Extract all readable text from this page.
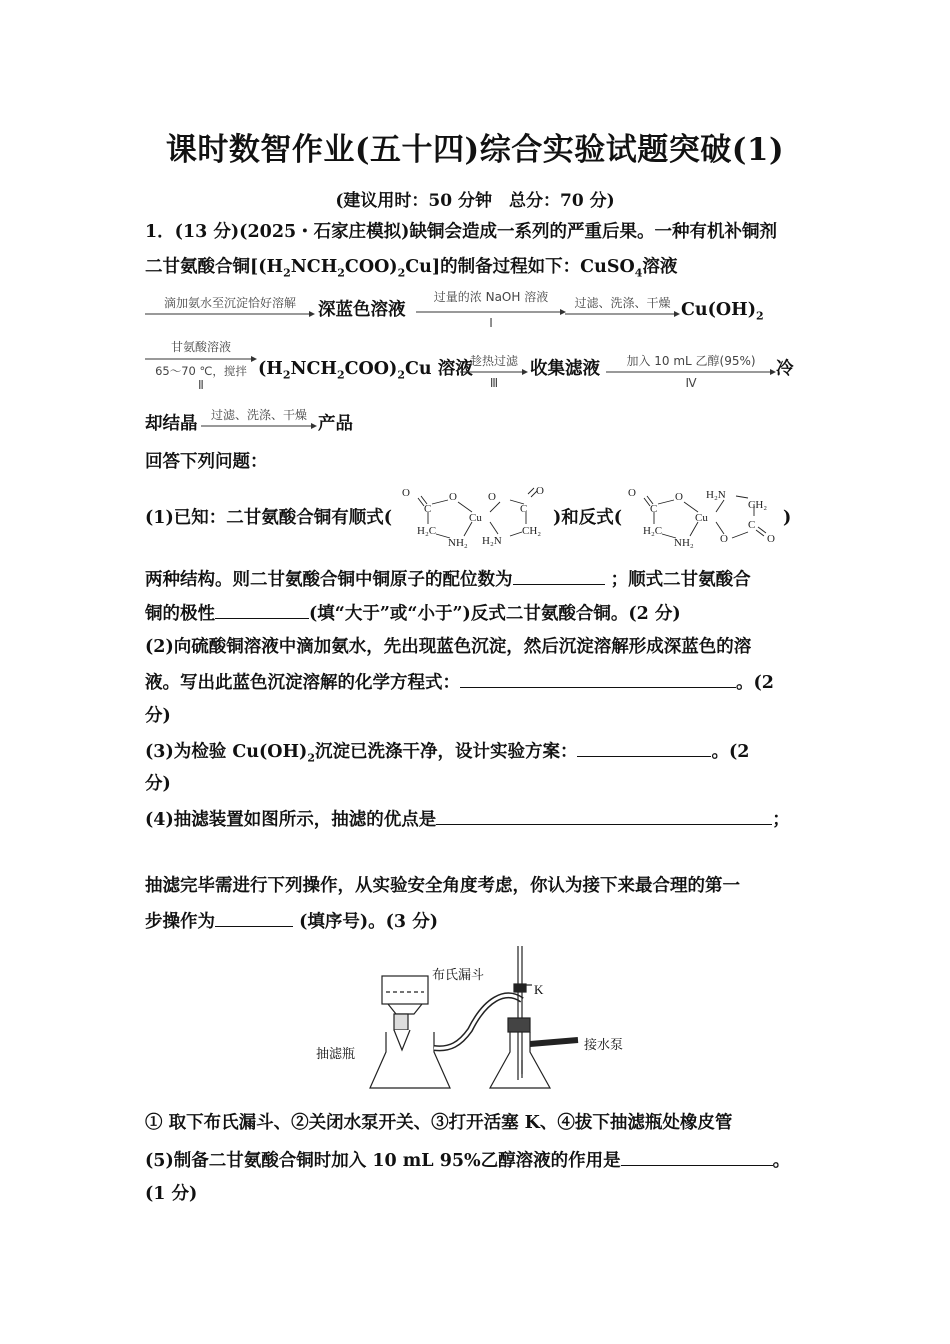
课时数智作业(五十四)综合实验试题突破(1)
(建议用时：50 分钟　总分：70 分)
1．(13 分)(2025・石家庄模拟)缺铜会造成一系列的严重后果。一种有机补铜剂
二甘氨酸合铜$[(H_2NCH_2COO)_2Cu]$的制备过程如下：CuSO$_4$溶液
滴加氨水至沉淀恰好溶解	深蓝色溶液
过量的浓 NaOH 溶液
Ⅰ
过滤、洗涤、干燥 $Cu(OH)_2$
甘氨酸溶液
65～70 ℃，搅拌
Ⅱ
$(H_2NCH_2COO)_2Cu$ 溶液
趁热过滤
Ⅲ
收集滤液	加入 10 mL 乙醇(95%)
Ⅳ
冷
却结晶	过滤、洗涤、干燥 产品
回答下列问题：
(1)已知：二甘氨酸合铜有顺式(
O
C
O
H₂C
Cu
NH₂
O
C
O
H₂N
CH₂
)和反式(
O
C
O
H₂C
Cu
NH₂
H₂N
CH₂
O
C
O
)
两种结构。则二甘氨酸合铜中铜原子的配位数为	；顺式二甘氨酸合
铜的极性	(填“大于”或“小于”)反式二甘氨酸合铜。(2 分)
(2)向硫酸铜溶液中滴加氨水，先出现蓝色沉淀，然后沉淀溶解形成深蓝色的溶
液。写出此蓝色沉淀溶解的化学方程式：	。(2
分)
(3)为检验 $Cu(OH)_2$沉淀已洗涤干净，设计实验方案：	。(2
分)
(4)抽滤装置如图所示，抽滤的优点是	；
抽滤完毕需进行下列操作，从实验安全角度考虑，你认为接下来最合理的第一
步操作为	(填序号)。(3 分)
布氏漏斗
K
抽滤瓶
接水泵
① 取下布氏漏斗、②关闭水泵开关、③打开活塞 K、④拔下抽滤瓶处橡皮管
(5)制备二甘氨酸合铜时加入 10 mL 95%乙醇溶液的作用是	。
(1 分)
